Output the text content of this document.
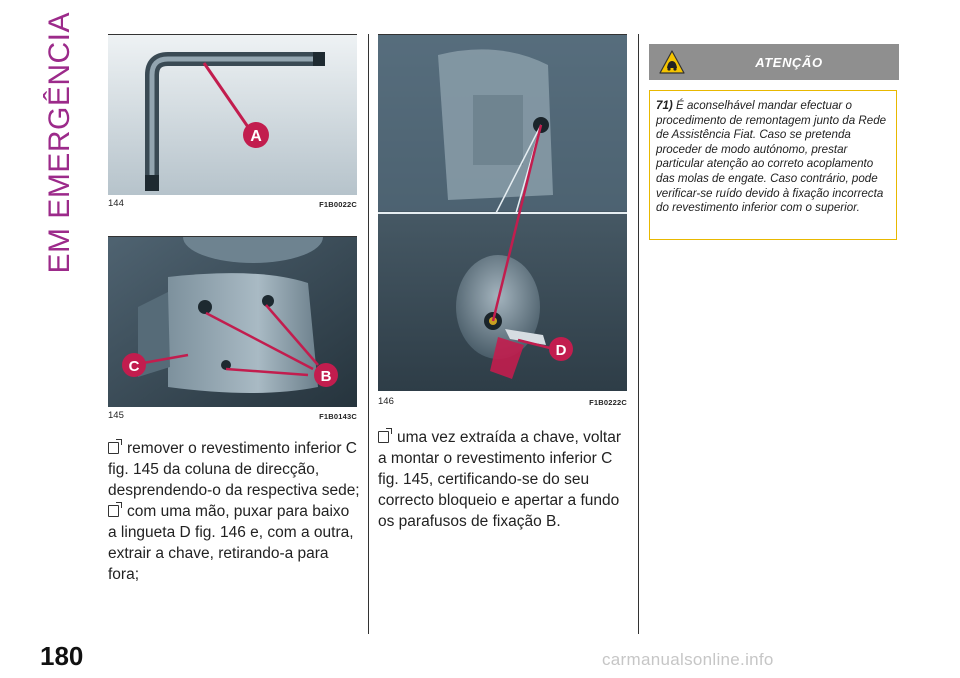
EM EMERGÊNCIA	A
144	F1B0022C
C
B
145	F1B0143C
D
146	F1B0222C

remover o revestimento inferior C fig. 145 da coluna de direcção, desprendendo-o da respectiva sede;

com uma mão, puxar para baixo a lingueta D fig. 146 e, com a outra, extrair a chave, retirando-a para fora;

uma vez extraída a chave, voltar a montar o revestimento inferior C fig. 145, certificando-se do seu correcto bloqueio e apertar a fundo os parafusos de fixação B.

ATENÇÃO
71) É aconselhável mandar efectuar o procedimento de remontagem junto da Rede de Assistência Fiat. Caso se pretenda proceder de modo autónomo, prestar particular atenção ao correto acoplamento das molas de engate. Caso contrário, pode verificar-se ruído devido à fixação incorrecta do revestimento inferior com o superior.
180	carmanualsonline.info
